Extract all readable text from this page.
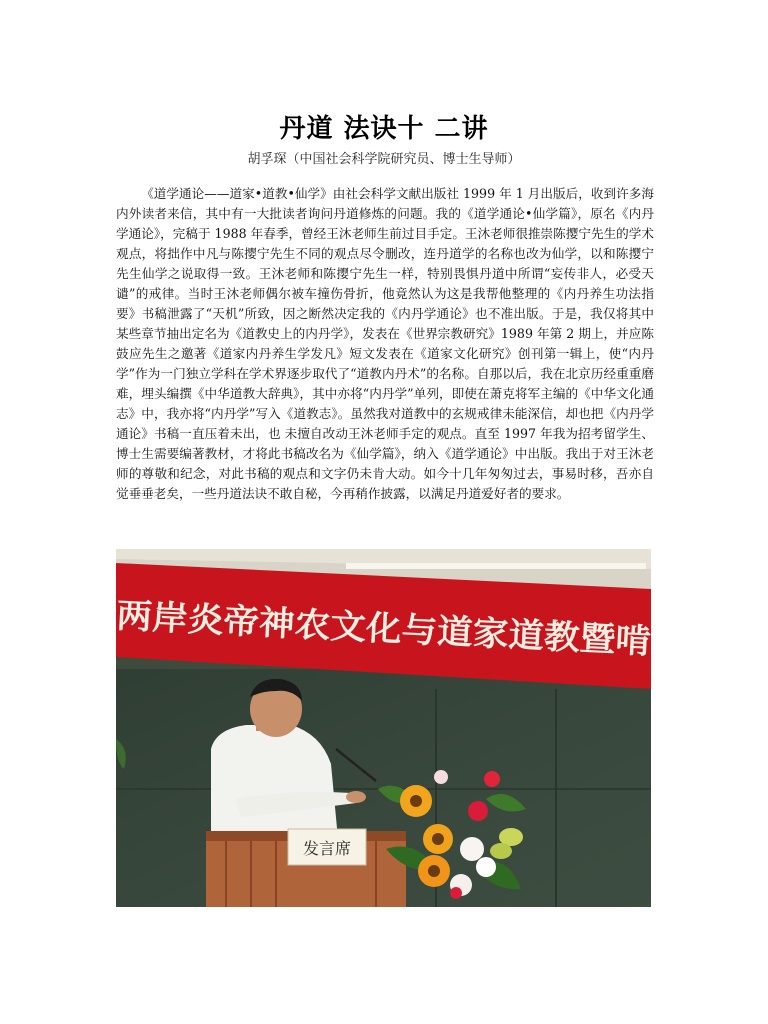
丹道 法诀十 二讲
胡孚琛（中国社会科学院研究员、博士生导师）
《道学通论——道家•道教•仙学》由社会科学文献出版社 1999 年 1 月出版后，收到许多海内外读者来信，其中有一大批读者询问丹道修炼的问题。我的《道学通论•仙学篇》，原名《内丹学通论》，完稿于 1988 年春季，曾经王沐老师生前过目手定。王沐老师很推崇陈撄宁先生的学术观点，将拙作中凡与陈撄宁先生不同的观点尽令删改，连丹道学的名称也改为仙学，以和陈撄宁先生仙学之说取得一致。王沐老师和陈撄宁先生一样，特别畏惧丹道中所谓“妄传非人，必受天谴”的戒律。当时王沐老师偶尔被车撞伤骨折，他竟然认为这是我帮他整理的《内丹养生功法指要》书稿泄露了“天机”所致，因之断然决定我的《内丹学通论》也不准出版。于是，我仅将其中某些章节抽出定名为《道教史上的内丹学》，发表在《世界宗教研究》1989 年第 2 期上，并应陈鼓应先生之邀著《道家内丹养生学发凡》短文发表在《道家文化研究》创刊第一辑上，使“内丹学”作为一门独立学科在学术界逐步取代了“道教内丹术”的名称。自那以后，我在北京历经重重磨难，埋头编撰《中华道教大辞典》，其中亦将“内丹学”单列，即使在萧克将军主编的《中华文化通志》中，我亦将“内丹学”写入《道教志》。虽然我对道教中的玄规戒律未能深信，却也把《内丹学通论》书稿一直压着未出，也 未擅自改动王沐老师手定的观点。直至 1997 年我为招考留学生、博士生需要编著教材，才将此书稿改名为《仙学篇》，纳入《道学通论》中出版。我出于对王沐老师的尊敬和纪念，对此书稿的观点和文字仍未肯大动。如今十几年匆匆过去，事易时移，吾亦自觉垂垂老矣，一些丹道法诀不敢自秘，今再稍作披露，以满足丹道爱好者的要求。
两岸炎帝神农文化与道家道教暨啃
发言席
